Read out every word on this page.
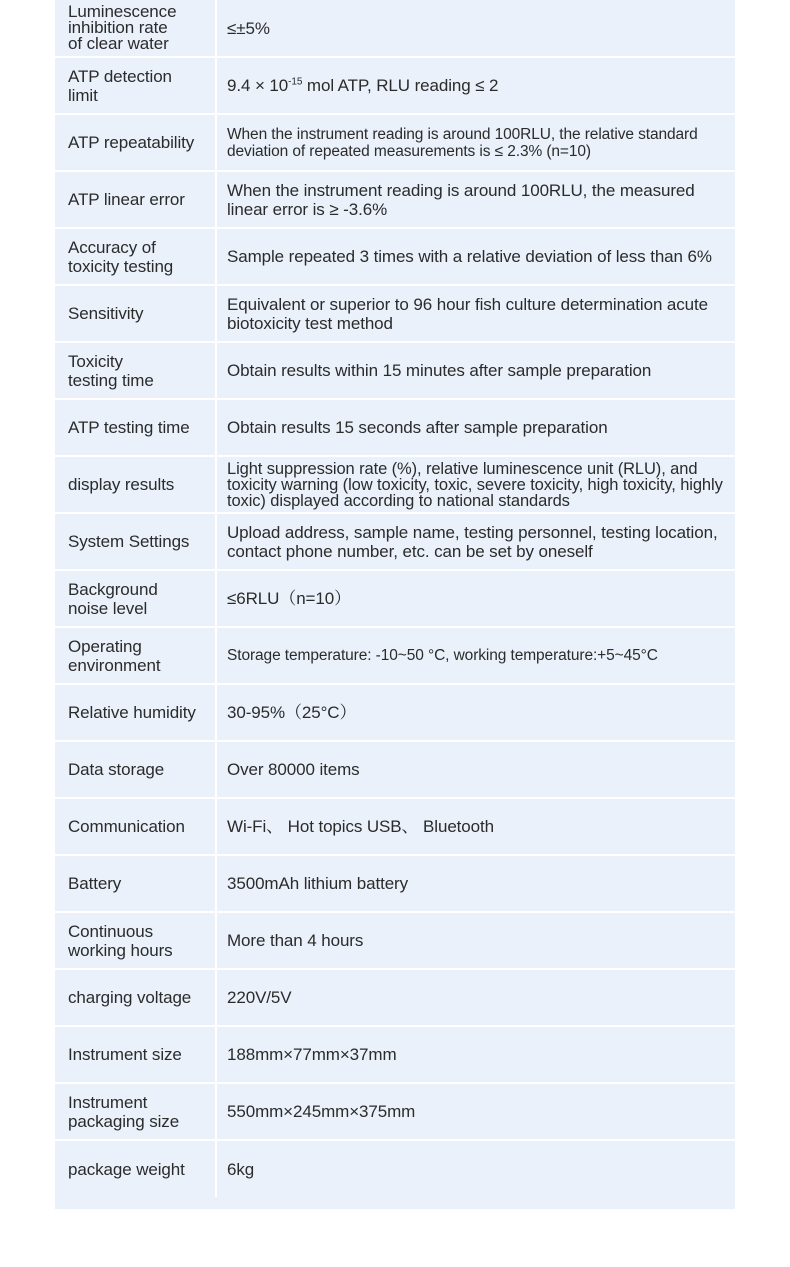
Luminescence
inhibition rate
of clear water	≤±5%
ATP detection
limit	$9.4 \times 10^{-15}$ mol ATP, RLU reading ≤ 2
ATP repeatability	When the instrument reading is around 100RLU, the relative standard deviation of repeated measurements is ≤ 2.3% (n=10)
ATP linear error	When the instrument reading is around 100RLU, the measured linear error is ≥ -3.6%
Accuracy of
toxicity testing	Sample repeated 3 times with a relative deviation of less than 6%
Sensitivity	Equivalent or superior to 96 hour fish culture determination acute biotoxicity test method
Toxicity
testing time	Obtain results within 15 minutes after sample preparation
ATP testing time	Obtain results 15 seconds after sample preparation
display results	Light suppression rate (%), relative luminescence unit (RLU), and toxicity warning (low toxicity, toxic, severe toxicity, high toxicity, highly toxic) displayed according to national standards
System Settings	Upload address, sample name, testing personnel, testing location, contact phone number, etc. can be set by oneself
Background
noise level	≤6RLU（n=10）
Operating
environment	Storage temperature: -10~50 °C, working temperature:+5~45°C
Relative humidity	30-95%（25°C）
Data storage	Over 80000 items
Communication	Wi-Fi、 Hot topics USB、 Bluetooth
Battery	3500mAh lithium battery
Continuous
working hours	More than 4 hours
charging voltage	220V/5V
Instrument size	188mm×77mm×37mm
Instrument
packaging size	550mm×245mm×375mm
package weight	6kg
